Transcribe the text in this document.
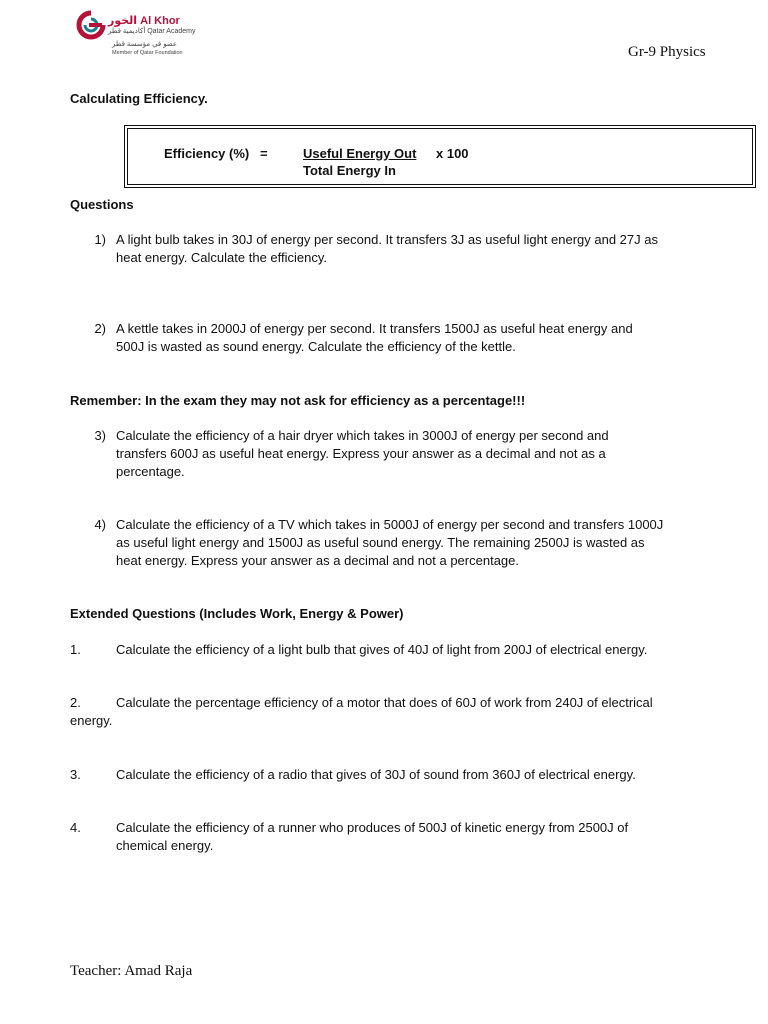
الخور Al Khor
أكاديمية قطر Qatar Academy
عضو في مؤسسة قطر
Member of Qatar Foundation	Gr-9 Physics
Calculating Efficiency.
Efficiency (%) =	Useful Energy Out x 100
Total Energy In
Questions
1) A light bulb takes in 30J of energy per second. It transfers 3J as useful light energy and 27J as
heat energy. Calculate the efficiency.
2) A kettle takes in 2000J of energy per second. It transfers 1500J as useful heat energy and
500J is wasted as sound energy. Calculate the efficiency of the kettle.
Remember: In the exam they may not ask for efficiency as a percentage!!!
3) Calculate the efficiency of a hair dryer which takes in 3000J of energy per second and
transfers 600J as useful heat energy. Express your answer as a decimal and not as a
percentage.
4) Calculate the efficiency of a TV which takes in 5000J of energy per second and transfers 1000J
as useful light energy and 1500J as useful sound energy. The remaining 2500J is wasted as
heat energy. Express your answer as a decimal and not a percentage.
Extended Questions (Includes Work, Energy & Power)
1.	Calculate the efficiency of a light bulb that gives of 40J of light from 200J of electrical energy.
2.	Calculate the percentage efficiency of a motor that does of 60J of work from 240J of electrical
energy.
3.	Calculate the efficiency of a radio that gives of 30J of sound from 360J of electrical energy.
4.	Calculate the efficiency of a runner who produces of 500J of kinetic energy from 2500J of
chemical energy.
Teacher: Amad Raja
